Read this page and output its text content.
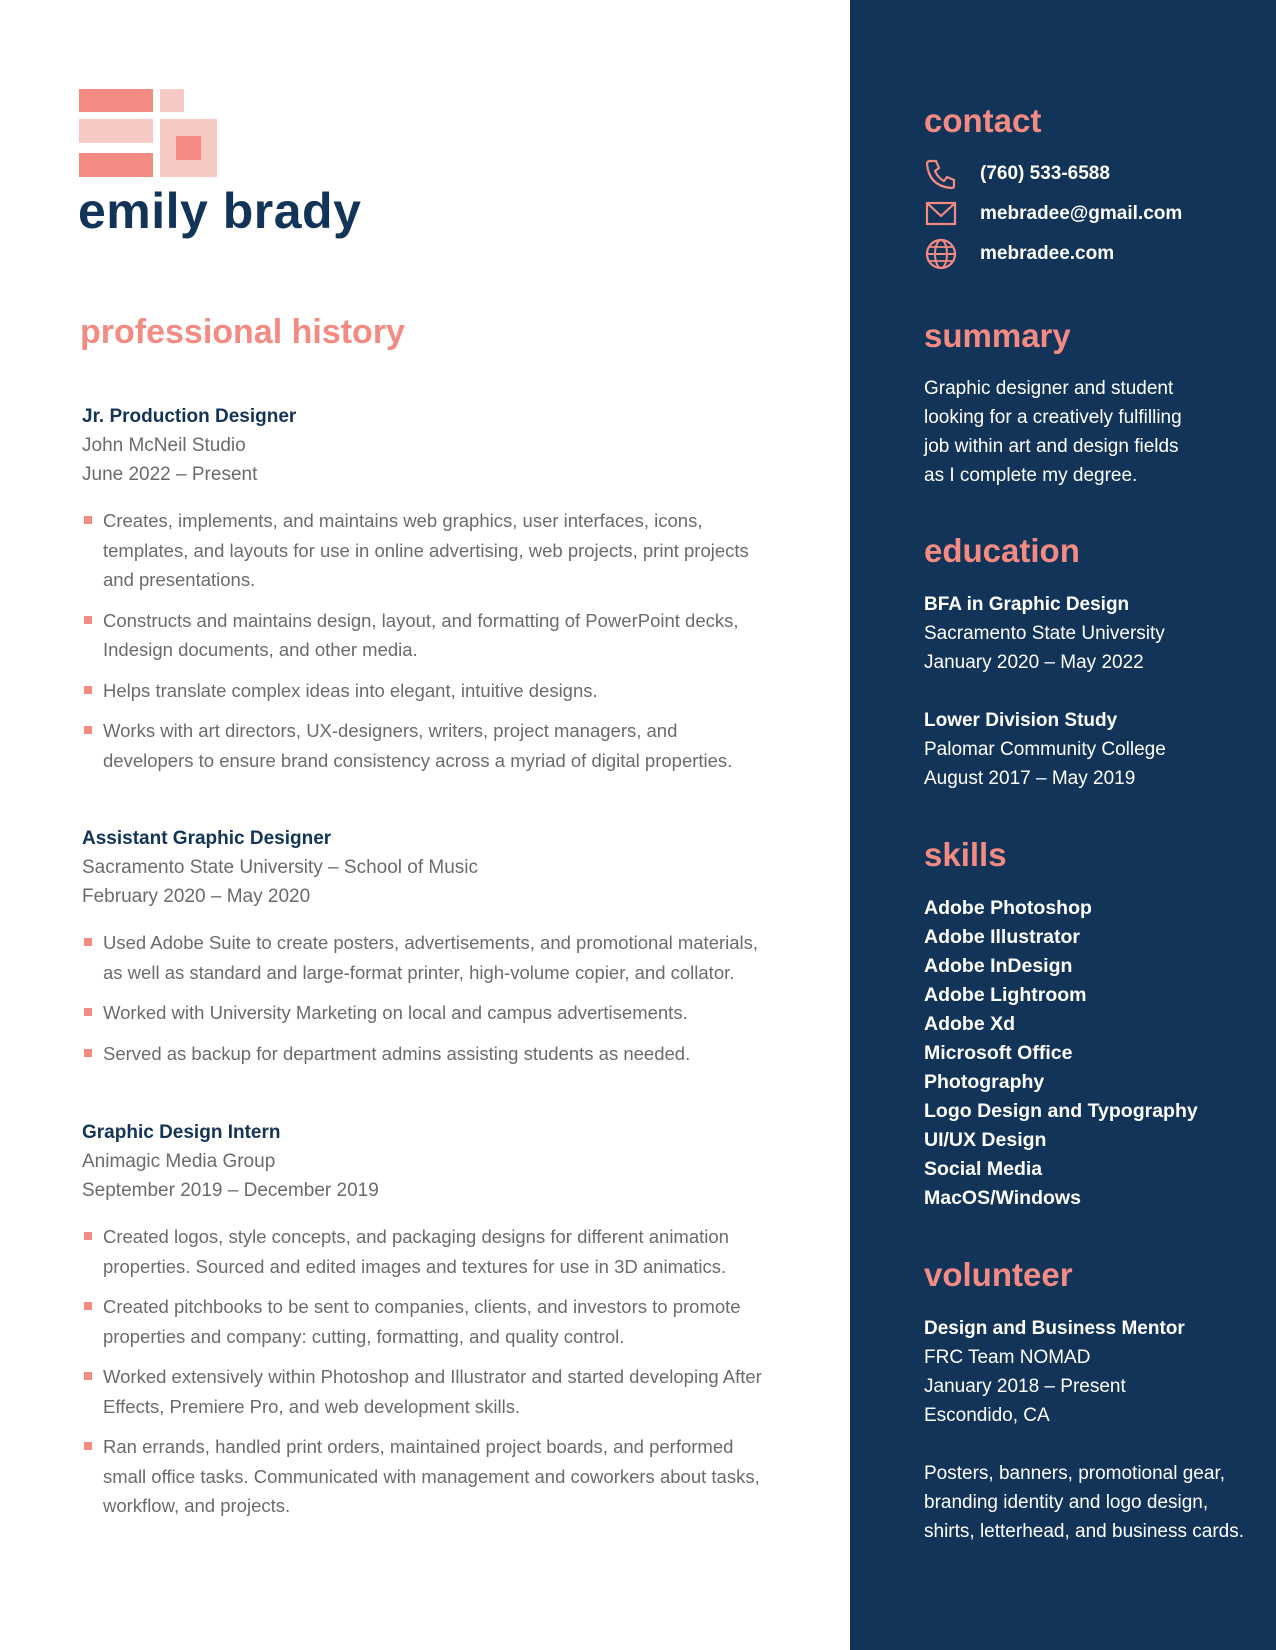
emily brady
professional history
Jr. Production Designer
John McNeil Studio
June 2022 – Present
Creates, implements, and maintains web graphics, user interfaces, icons, templates, and layouts for use in online advertising, web projects, print projects and presentations.
Constructs and maintains design, layout, and formatting of PowerPoint decks, Indesign documents, and other media.
Helps translate complex ideas into elegant, intuitive designs.
Works with art directors, UX-designers, writers, project managers, and developers to ensure brand consistency across a myriad of digital properties.
Assistant Graphic Designer
Sacramento State University – School of Music
February 2020 – May 2020
Used Adobe Suite to create posters, advertisements, and promotional materials, as well as standard and large-format printer, high-volume copier, and collator.
Worked with University Marketing on local and campus advertisements.
Served as backup for department admins assisting students as needed.
Graphic Design Intern
Animagic Media Group
September 2019 – December 2019
Created logos, style concepts, and packaging designs for different animation properties. Sourced and edited images and textures for use in 3D animatics.
Created pitchbooks to be sent to companies, clients, and investors to promote properties and company: cutting, formatting, and quality control.
Worked extensively within Photoshop and Illustrator and started developing After Effects, Premiere Pro, and web development skills.
Ran errands, handled print orders, maintained project boards, and performed small office tasks. Communicated with management and coworkers about tasks, workflow, and projects.
contact
(760) 533-6588
mebradee@gmail.com
mebradee.com
summary
Graphic designer and student
looking for a creatively fulfilling
job within art and design fields
as I complete my degree.
education
BFA in Graphic Design
Sacramento State University
January 2020 – May 2022
Lower Division Study
Palomar Community College
August 2017 – May 2019
skills
Adobe Photoshop
Adobe Illustrator
Adobe InDesign
Adobe Lightroom
Adobe Xd
Microsoft Office
Photography
Logo Design and Typography
UI/UX Design
Social Media
MacOS/Windows
volunteer
Design and Business Mentor
FRC Team NOMAD
January 2018 – Present
Escondido, CA
Posters, banners, promotional gear,
branding identity and logo design,
shirts, letterhead, and business cards.
